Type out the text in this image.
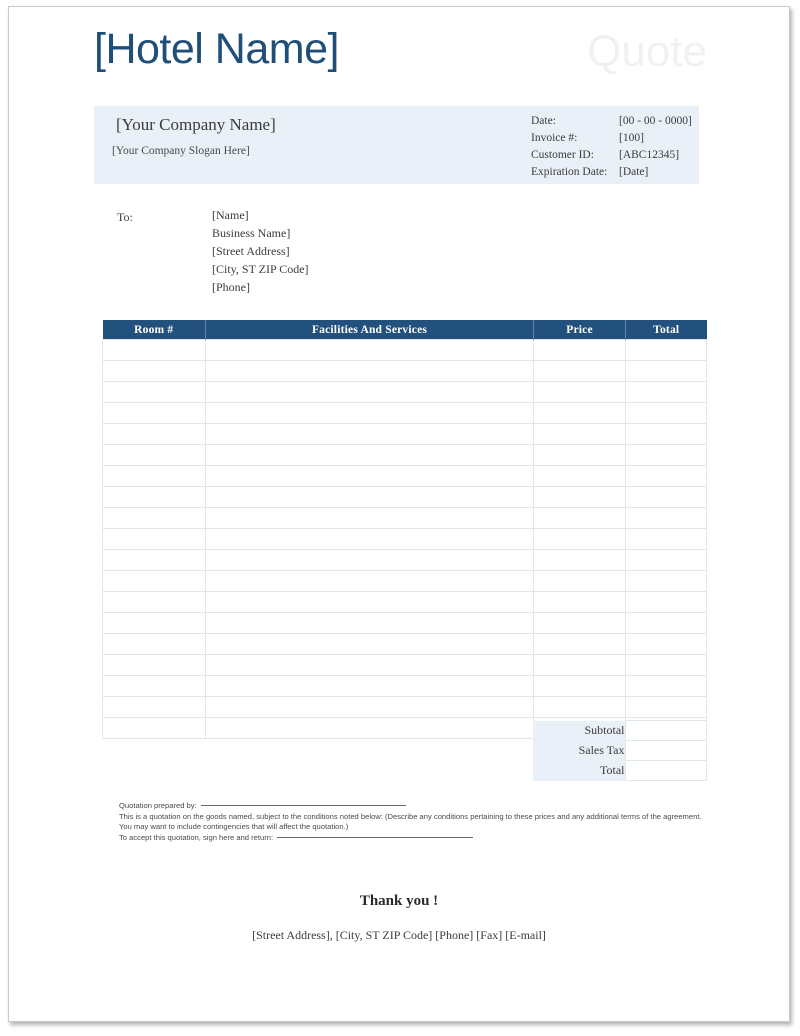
[Hotel Name]	Quote
[Your Company Name]
[Your Company Slogan Here]
Date:	[00 - 00 - 0000]
Invoice #:	[100]
Customer ID:	[ABC12345]
Expiration Date:	[Date]
To:	[Name]
Business Name]
[Street Address]
[City, ST ZIP Code]
[Phone]
Room #	Facilities And Services	Price	Total

Subtotal	
Sales Tax	
Total	
Quotation prepared by:
This is a quotation on the goods named, subject to the conditions noted below: (Describe any conditions pertaining to these prices and any additional terms of the agreement. You may want to include contingencies that will affect the quotation.)
To accept this quotation, sign here and return:
Thank you !
[Street Address], [City, ST ZIP Code] [Phone] [Fax] [E-mail]
